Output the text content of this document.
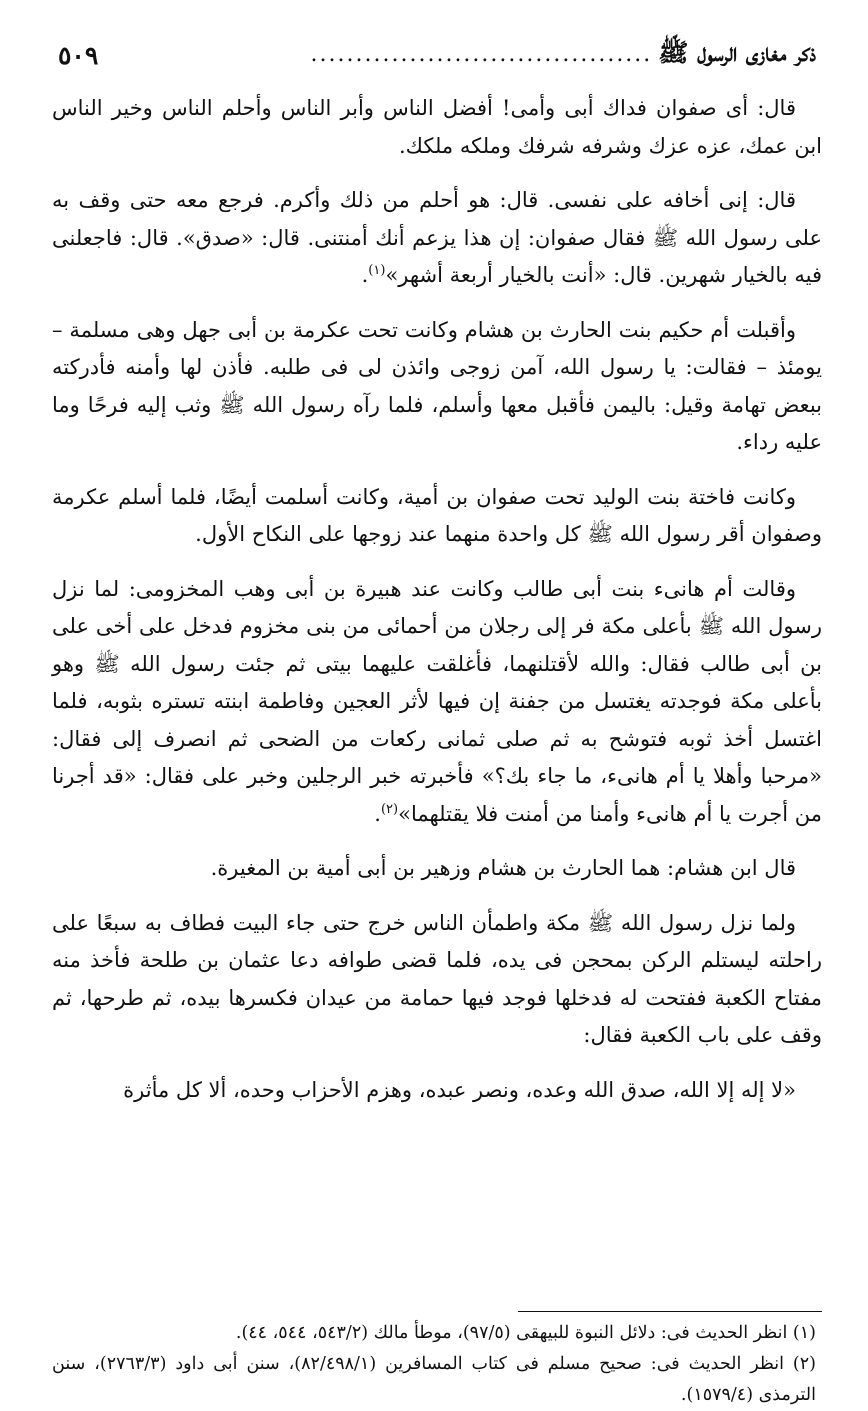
ذكر مغازى الرسول ﷺ
......................................
٥٠٩

قال: أى صفوان فداك أبى وأمى! أفضل الناس وأبر الناس وأحلم الناس وخير الناس ابن عمك، عزه عزك وشرفه شرفك وملكه ملكك.

قال: إنى أخافه على نفسى. قال: هو أحلم من ذلك وأكرم. فرجع معه حتى وقف به على رسول الله ﷺ فقال صفوان: إن هذا يزعم أنك أمنتنى. قال: «صدق». قال: فاجعلنى فيه بالخيار شهرين. قال: «أنت بالخيار أربعة أشهر»$^{(١)}$.

وأقبلت أم حكيم بنت الحارث بن هشام وكانت تحت عكرمة بن أبى جهل وهى مسلمة – يومئذ – فقالت: يا رسول الله، آمن زوجى وائذن لى فى طلبه. فأذن لها وأمنه فأدركته ببعض تهامة وقيل: باليمن فأقبل معها وأسلم، فلما رآه رسول الله ﷺ وثب إليه فرحًا وما عليه رداء.

وكانت فاختة بنت الوليد تحت صفوان بن أمية، وكانت أسلمت أيضًا، فلما أسلم عكرمة وصفوان أقر رسول الله ﷺ كل واحدة منهما عند زوجها على النكاح الأول.

وقالت أم هانىء بنت أبى طالب وكانت عند هبيرة بن أبى وهب المخزومى: لما نزل رسول الله ﷺ بأعلى مكة فر إلى رجلان من أحمائى من بنى مخزوم فدخل على أخى على بن أبى طالب فقال: والله لأقتلنهما، فأغلقت عليهما بيتى ثم جئت رسول الله ﷺ وهو بأعلى مكة فوجدته يغتسل من جفنة إن فيها لأثر العجين وفاطمة ابنته تستره بثوبه، فلما اغتسل أخذ ثوبه فتوشح به ثم صلى ثمانى ركعات من الضحى ثم انصرف إلى فقال: «مرحبا وأهلا يا أم هانىء، ما جاء بك؟» فأخبرته خبر الرجلين وخبر على فقال: «قد أجرنا من أجرت يا أم هانىء وأمنا من أمنت فلا يقتلهما»$^{(٢)}$.

قال ابن هشام: هما الحارث بن هشام وزهير بن أبى أمية بن المغيرة.

ولما نزل رسول الله ﷺ مكة واطمأن الناس خرج حتى جاء البيت فطاف به سبعًا على راحلته ليستلم الركن بمحجن فى يده، فلما قضى طوافه دعا عثمان بن طلحة فأخذ منه مفتاح الكعبة ففتحت له فدخلها فوجد فيها حمامة من عيدان فكسرها بيده، ثم طرحها، ثم وقف على باب الكعبة فقال:

«لا إله إلا الله، صدق الله وعده، ونصر عبده، وهزم الأحزاب وحده، ألا كل مأثرة

(١) انظر الحديث فى: دلائل النبوة للبيهقى (٩٧/٥)، موطأ مالك (٥٤٣/٢، ٥٤٤، ٤٤).

(٢) انظر الحديث فى: صحيح مسلم فى كتاب المسافرين (٨٢/٤٩٨/١)، سنن أبى داود (٢٧٦٣/٣)، سنن الترمذى (١٥٧٩/٤).
